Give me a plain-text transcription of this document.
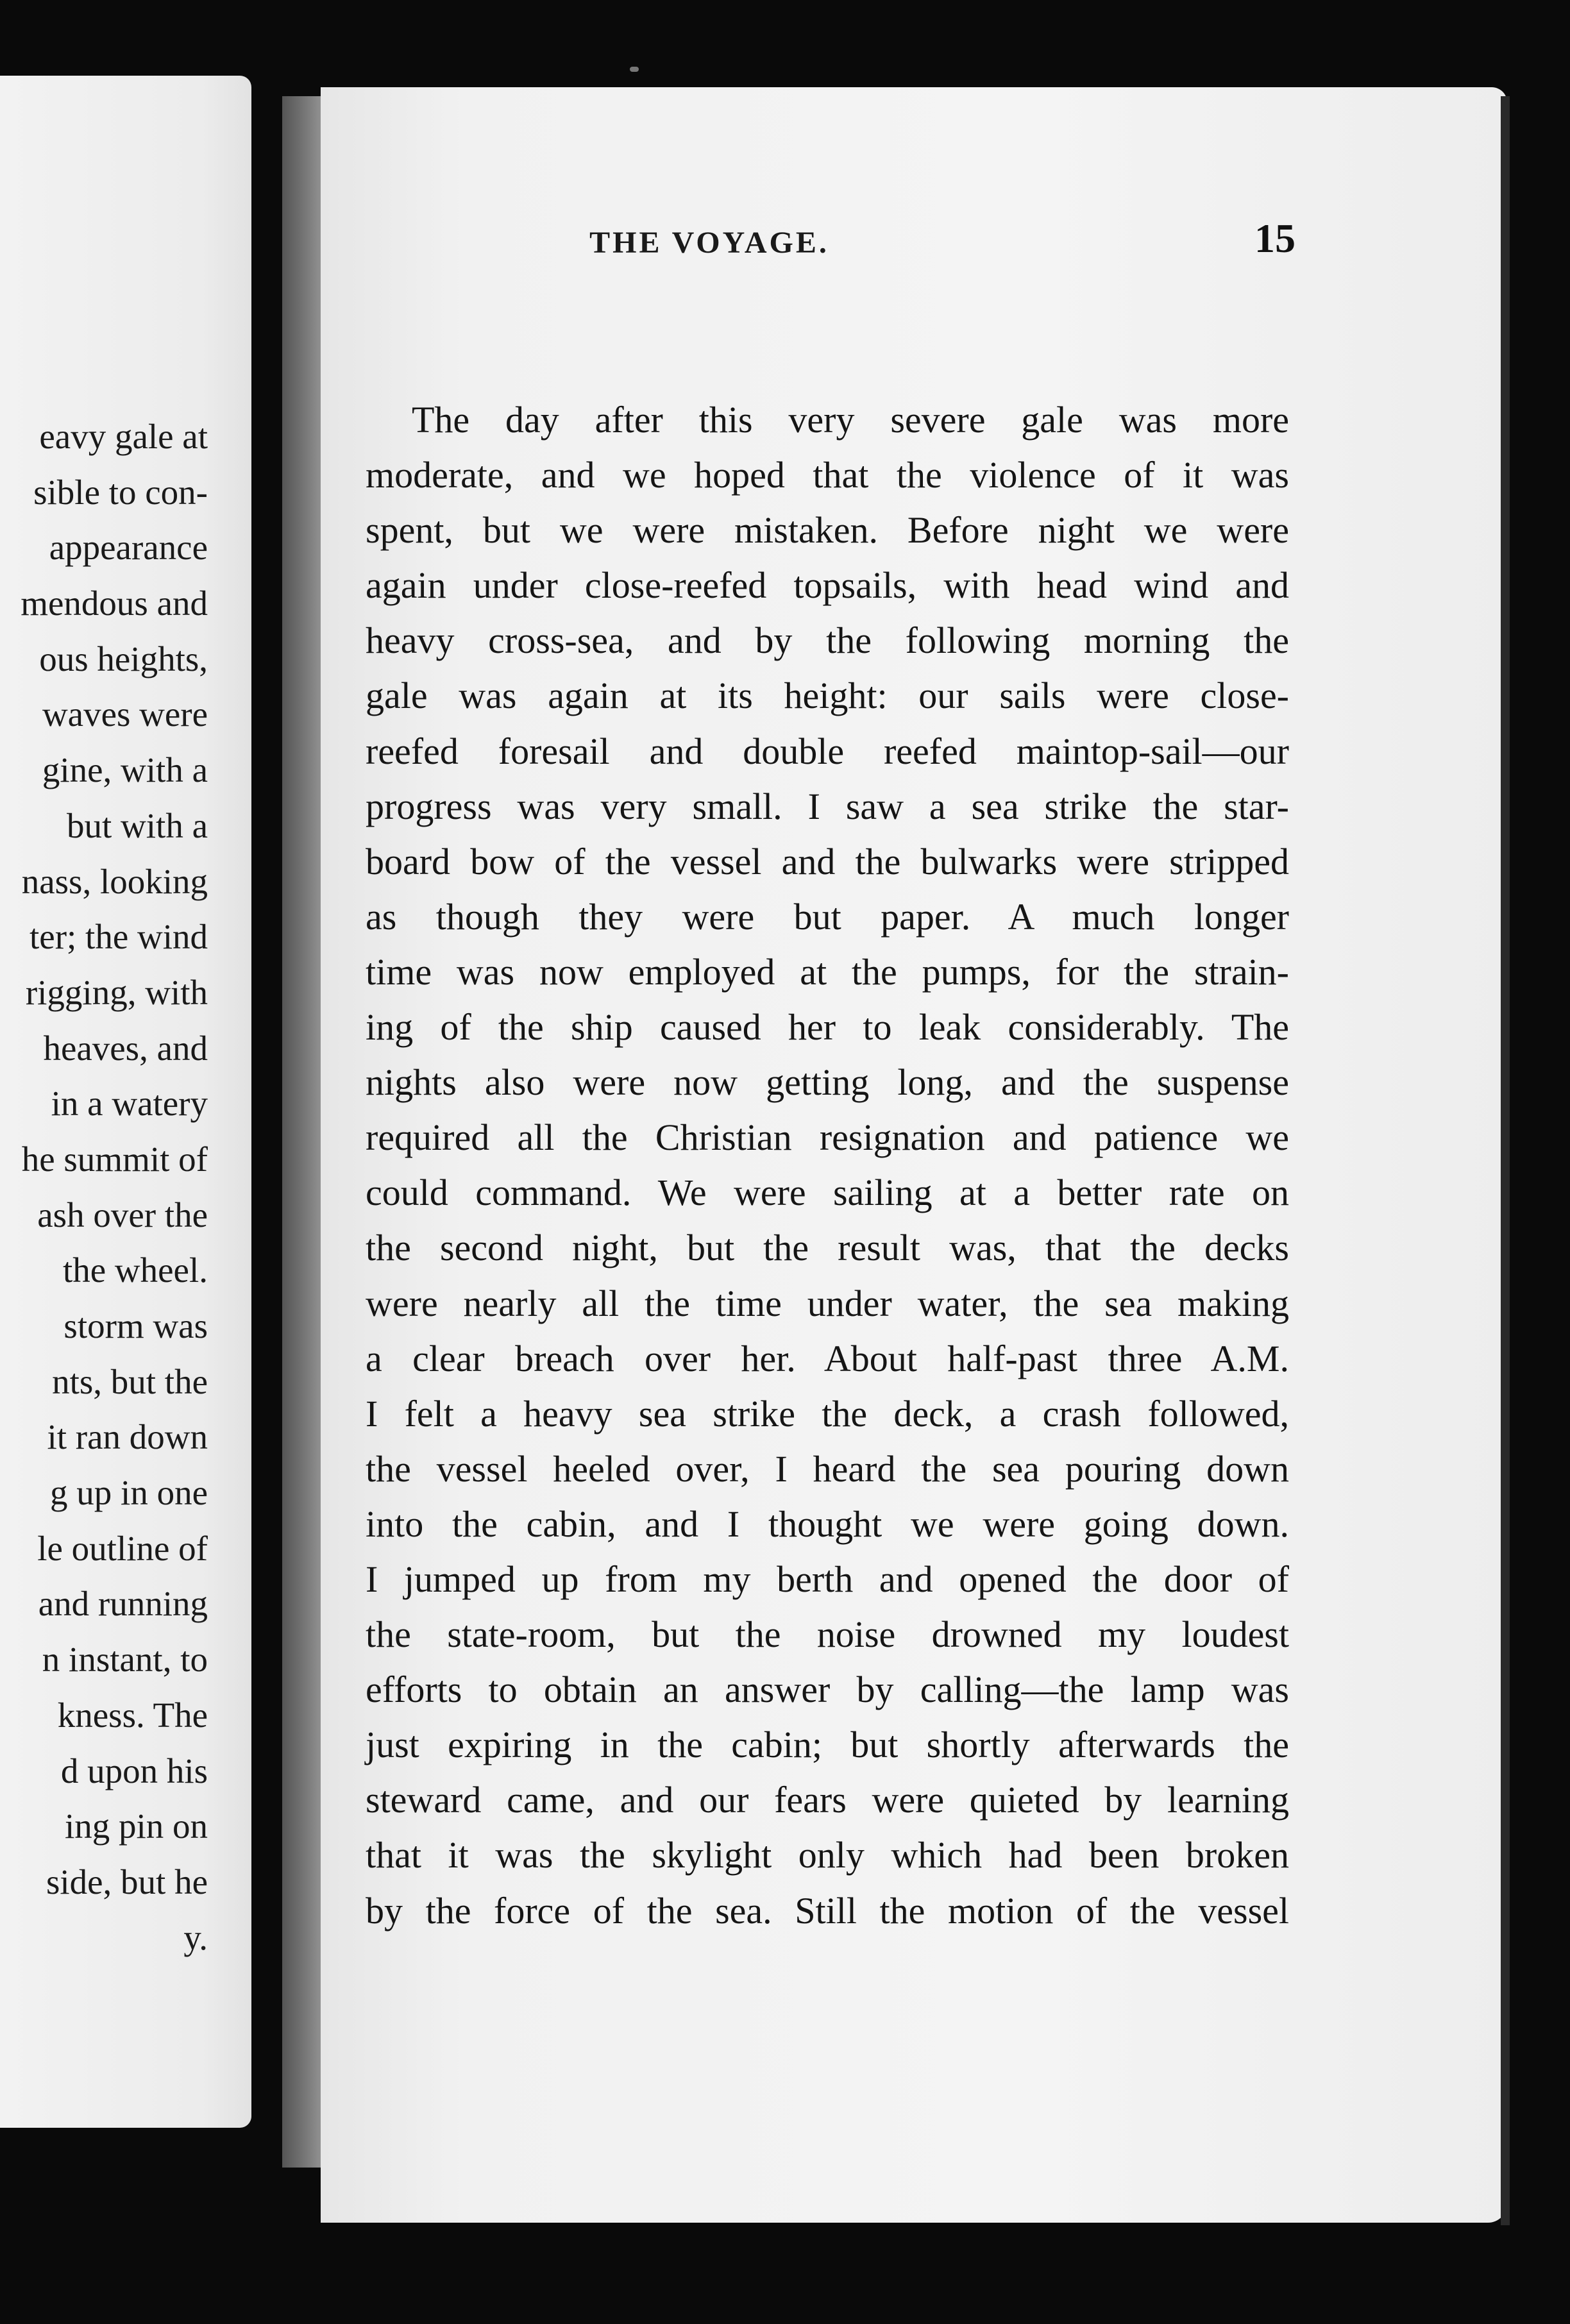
eavy gale at
sible to con-
appearance
mendous and
ous heights,
waves were
gine, with a
but with a
nass, looking
ter; the wind
rigging, with
heaves, and
in a watery
he summit of
ash over the
the wheel.
storm was
nts, but the
it ran down
g up in one
le outline of
and running
n instant, to
kness. The
d upon his
ing pin on
side, but he
y.
THE VOYAGE.	15
The day after this very severe gale was more
moderate, and we hoped that the violence of it was
spent, but we were mistaken. Before night we were
again under close-reefed topsails, with head wind and
heavy cross-sea, and by the following morning the
gale was again at its height: our sails were close-
reefed foresail and double reefed maintop-sail—our
progress was very small. I saw a sea strike the star-
board bow of the vessel and the bulwarks were stripped
as though they were but paper. A much longer
time was now employed at the pumps, for the strain-
ing of the ship caused her to leak considerably. The
nights also were now getting long, and the suspense
required all the Christian resignation and patience we
could command. We were sailing at a better rate on
the second night, but the result was, that the decks
were nearly all the time under water, the sea making
a clear breach over her. About half-past three A.M.
I felt a heavy sea strike the deck, a crash followed,
the vessel heeled over, I heard the sea pouring down
into the cabin, and I thought we were going down.
I jumped up from my berth and opened the door of
the state-room, but the noise drowned my loudest
efforts to obtain an answer by calling—the lamp was
just expiring in the cabin; but shortly afterwards the
steward came, and our fears were quieted by learning
that it was the skylight only which had been broken
by the force of the sea. Still the motion of the vessel
